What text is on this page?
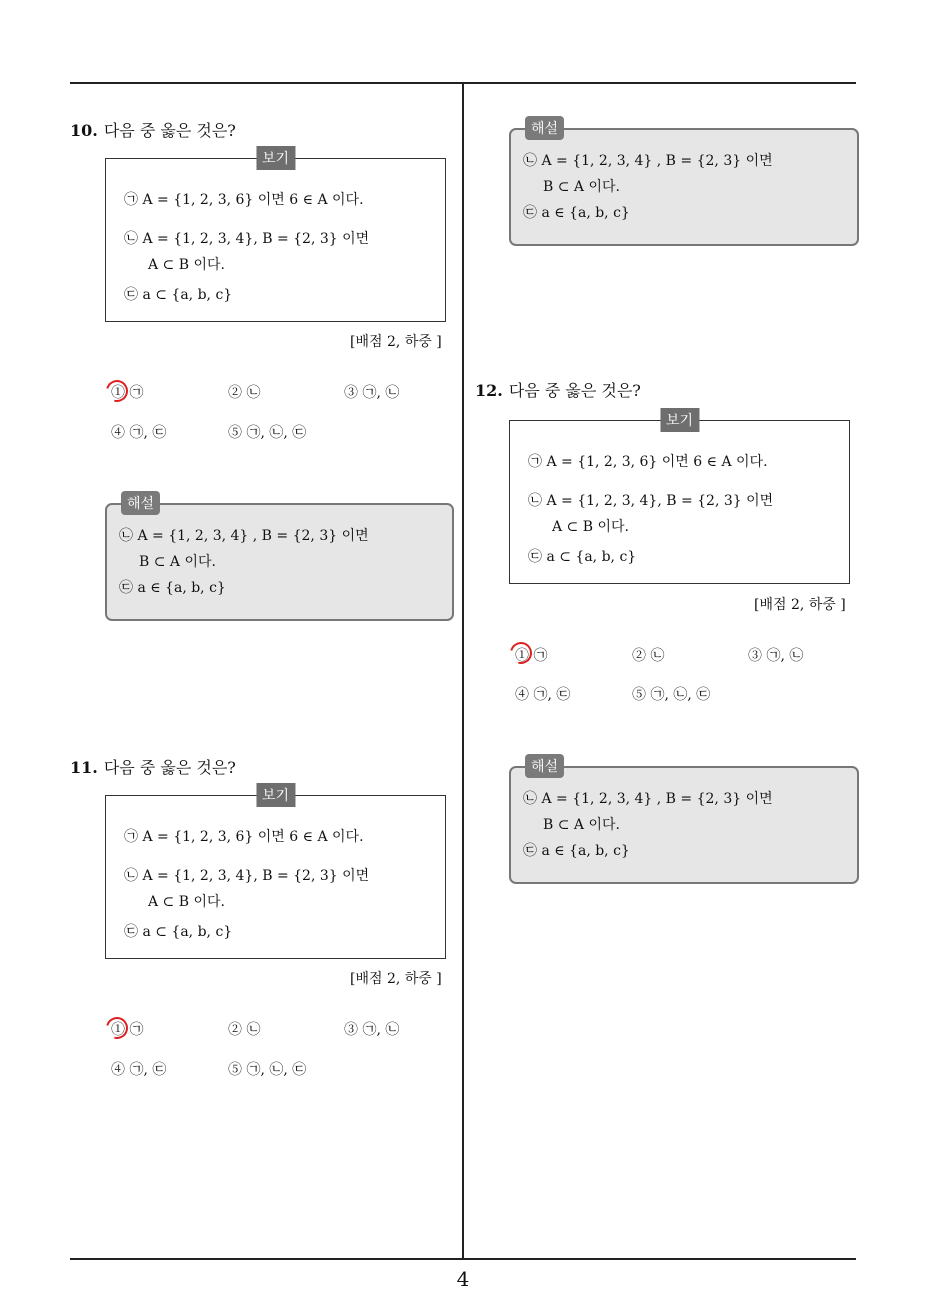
10. 다음 중 옳은 것은?
보기
㉠ A = {1, 2, 3, 6} 이면 6 ∈ A 이다.
㉡ A = {1, 2, 3, 4}, B = {2, 3} 이면
A ⊂ B 이다.
㉢ a ⊂ {a, b, c}
[배점 2, 하중 ]
① ㉠	② ㉡	③ ㉠, ㉡
④ ㉠, ㉢	⑤ ㉠, ㉡, ㉢
해설
㉡ A = {1, 2, 3, 4} , B = {2, 3} 이면
B ⊂ A 이다.
㉢ a ∈ {a, b, c}
11. 다음 중 옳은 것은?
보기
㉠ A = {1, 2, 3, 6} 이면 6 ∈ A 이다.
㉡ A = {1, 2, 3, 4}, B = {2, 3} 이면
A ⊂ B 이다.
㉢ a ⊂ {a, b, c}
[배점 2, 하중 ]
① ㉠	② ㉡	③ ㉠, ㉡
④ ㉠, ㉢	⑤ ㉠, ㉡, ㉢
해설
㉡ A = {1, 2, 3, 4} , B = {2, 3} 이면
B ⊂ A 이다.
㉢ a ∈ {a, b, c}
12. 다음 중 옳은 것은?
보기
㉠ A = {1, 2, 3, 6} 이면 6 ∈ A 이다.
㉡ A = {1, 2, 3, 4}, B = {2, 3} 이면
A ⊂ B 이다.
㉢ a ⊂ {a, b, c}
[배점 2, 하중 ]
① ㉠	② ㉡	③ ㉠, ㉡
④ ㉠, ㉢	⑤ ㉠, ㉡, ㉢
해설
㉡ A = {1, 2, 3, 4} , B = {2, 3} 이면
B ⊂ A 이다.
㉢ a ∈ {a, b, c}
4
